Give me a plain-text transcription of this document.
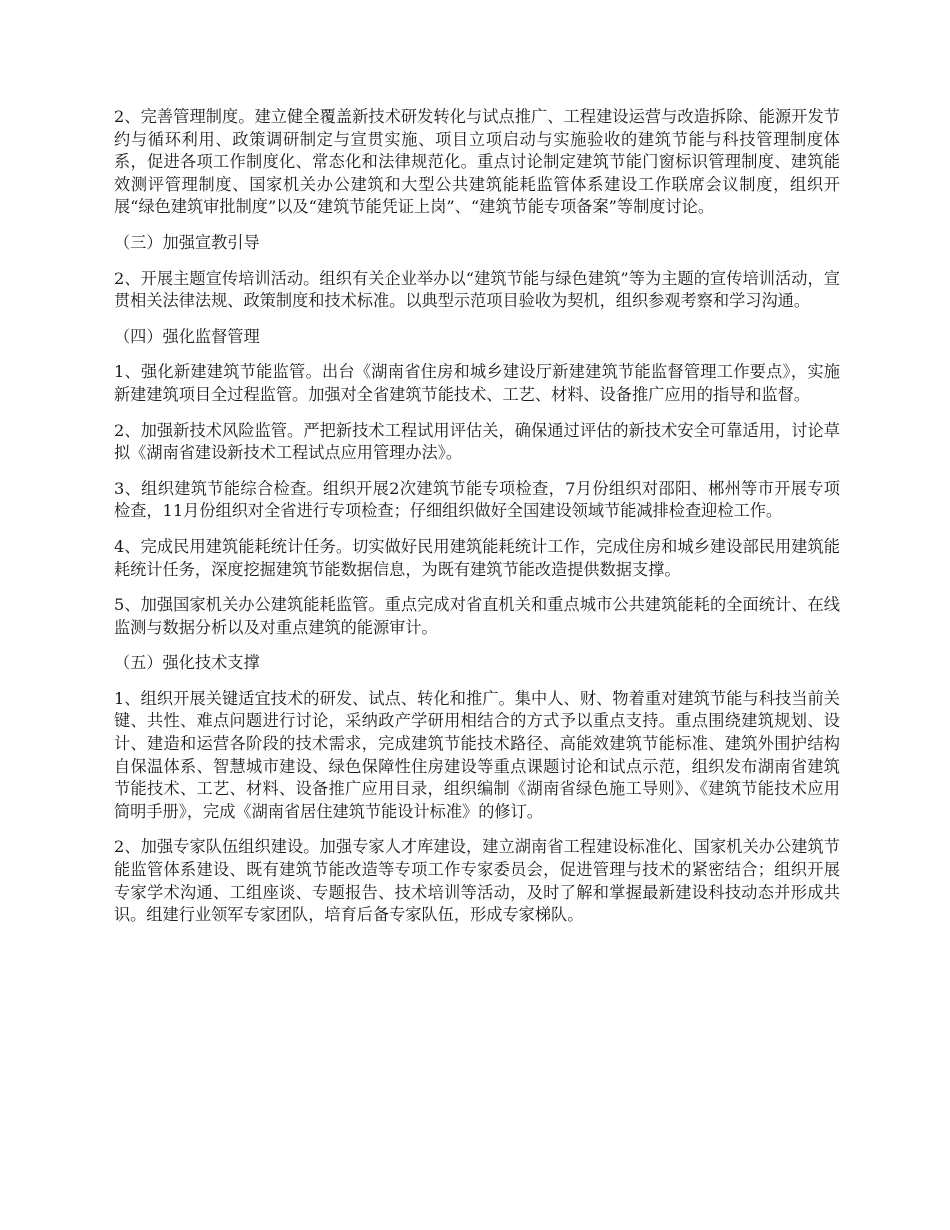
2、完善管理制度。建立健全覆盖新技术研发转化与试点推广、工程建设运营与改造拆除、能源开发节约与循环利用、政策调研制定与宣贯实施、项目立项启动与实施验收的建筑节能与科技管理制度体系，促进各项工作制度化、常态化和法律规范化。重点讨论制定建筑节能门窗标识管理制度、建筑能效测评管理制度、国家机关办公建筑和大型公共建筑能耗监管体系建设工作联席会议制度，组织开展“绿色建筑审批制度”以及“建筑节能凭证上岗”、“建筑节能专项备案”等制度讨论。

（三）加强宣教引导

2、开展主题宣传培训活动。组织有关企业举办以“建筑节能与绿色建筑”等为主题的宣传培训活动，宣贯相关法律法规、政策制度和技术标准。以典型示范项目验收为契机，组织参观考察和学习沟通。

（四）强化监督管理

1、强化新建建筑节能监管。出台《湖南省住房和城乡建设厅新建建筑节能监督管理工作要点》，实施新建建筑项目全过程监管。加强对全省建筑节能技术、工艺、材料、设备推广应用的指导和监督。

2、加强新技术风险监管。严把新技术工程试用评估关，确保通过评估的新技术安全可靠适用，讨论草拟《湖南省建设新技术工程试点应用管理办法》。

3、组织建筑节能综合检查。组织开展2次建筑节能专项检查，7月份组织对邵阳、郴州等市开展专项检查，11月份组织对全省进行专项检查；仔细组织做好全国建设领域节能减排检查迎检工作。

4、完成民用建筑能耗统计任务。切实做好民用建筑能耗统计工作，完成住房和城乡建设部民用建筑能耗统计任务，深度挖掘建筑节能数据信息，为既有建筑节能改造提供数据支撑。

5、加强国家机关办公建筑能耗监管。重点完成对省直机关和重点城市公共建筑能耗的全面统计、在线监测与数据分析以及对重点建筑的能源审计。

（五）强化技术支撑

1、组织开展关键适宜技术的研发、试点、转化和推广。集中人、财、物着重对建筑节能与科技当前关键、共性、难点问题进行讨论，采纳政产学研用相结合的方式予以重点支持。重点围绕建筑规划、设计、建造和运营各阶段的技术需求，完成建筑节能技术路径、高能效建筑节能标准、建筑外围护结构自保温体系、智慧城市建设、绿色保障性住房建设等重点课题讨论和试点示范，组织发布湖南省建筑节能技术、工艺、材料、设备推广应用目录，组织编制《湖南省绿色施工导则》、《建筑节能技术应用简明手册》，完成《湖南省居住建筑节能设计标准》的修订。

2、加强专家队伍组织建设。加强专家人才库建设，建立湖南省工程建设标准化、国家机关办公建筑节能监管体系建设、既有建筑节能改造等专项工作专家委员会，促进管理与技术的紧密结合；组织开展专家学术沟通、工组座谈、专题报告、技术培训等活动，及时了解和掌握最新建设科技动态并形成共识。组建行业领军专家团队，培育后备专家队伍，形成专家梯队。
